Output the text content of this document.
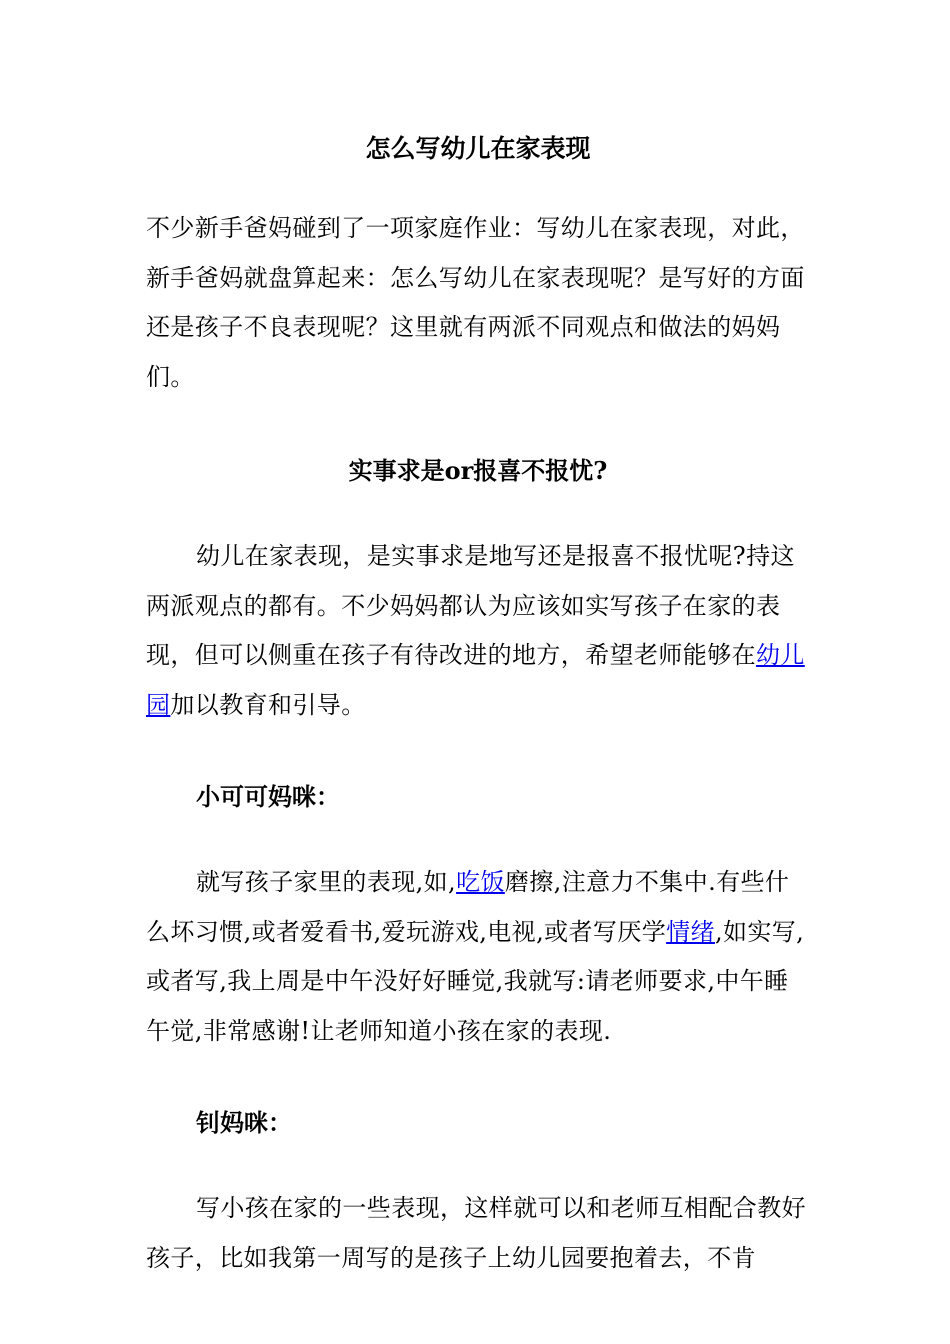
怎么写幼儿在家表现

不少新手爸妈碰到了一项家庭作业：写幼儿在家表现，对此，新手爸妈就盘算起来：怎么写幼儿在家表现呢？是写好的方面还是孩子不良表现呢？这里就有两派不同观点和做法的妈妈们。

实事求是or报喜不报忧?

幼儿在家表现，是实事求是地写还是报喜不报忧呢?持这两派观点的都有。不少妈妈都认为应该如实写孩子在家的表现，但可以侧重在孩子有待改进的地方，希望老师能够在幼儿园加以教育和引导。

小可可妈咪：

就写孩子家里的表现,如,吃饭磨擦,注意力不集中.有些什么坏习惯,或者爱看书,爱玩游戏,电视,或者写厌学情绪,如实写,或者写,我上周是中午没好好睡觉,我就写:请老师要求,中午睡午觉,非常感谢!让老师知道小孩在家的表现.

钊妈咪：

写小孩在家的一些表现，这样就可以和老师互相配合教好孩子，比如我第一周写的是孩子上幼儿园要抱着去，不肯
